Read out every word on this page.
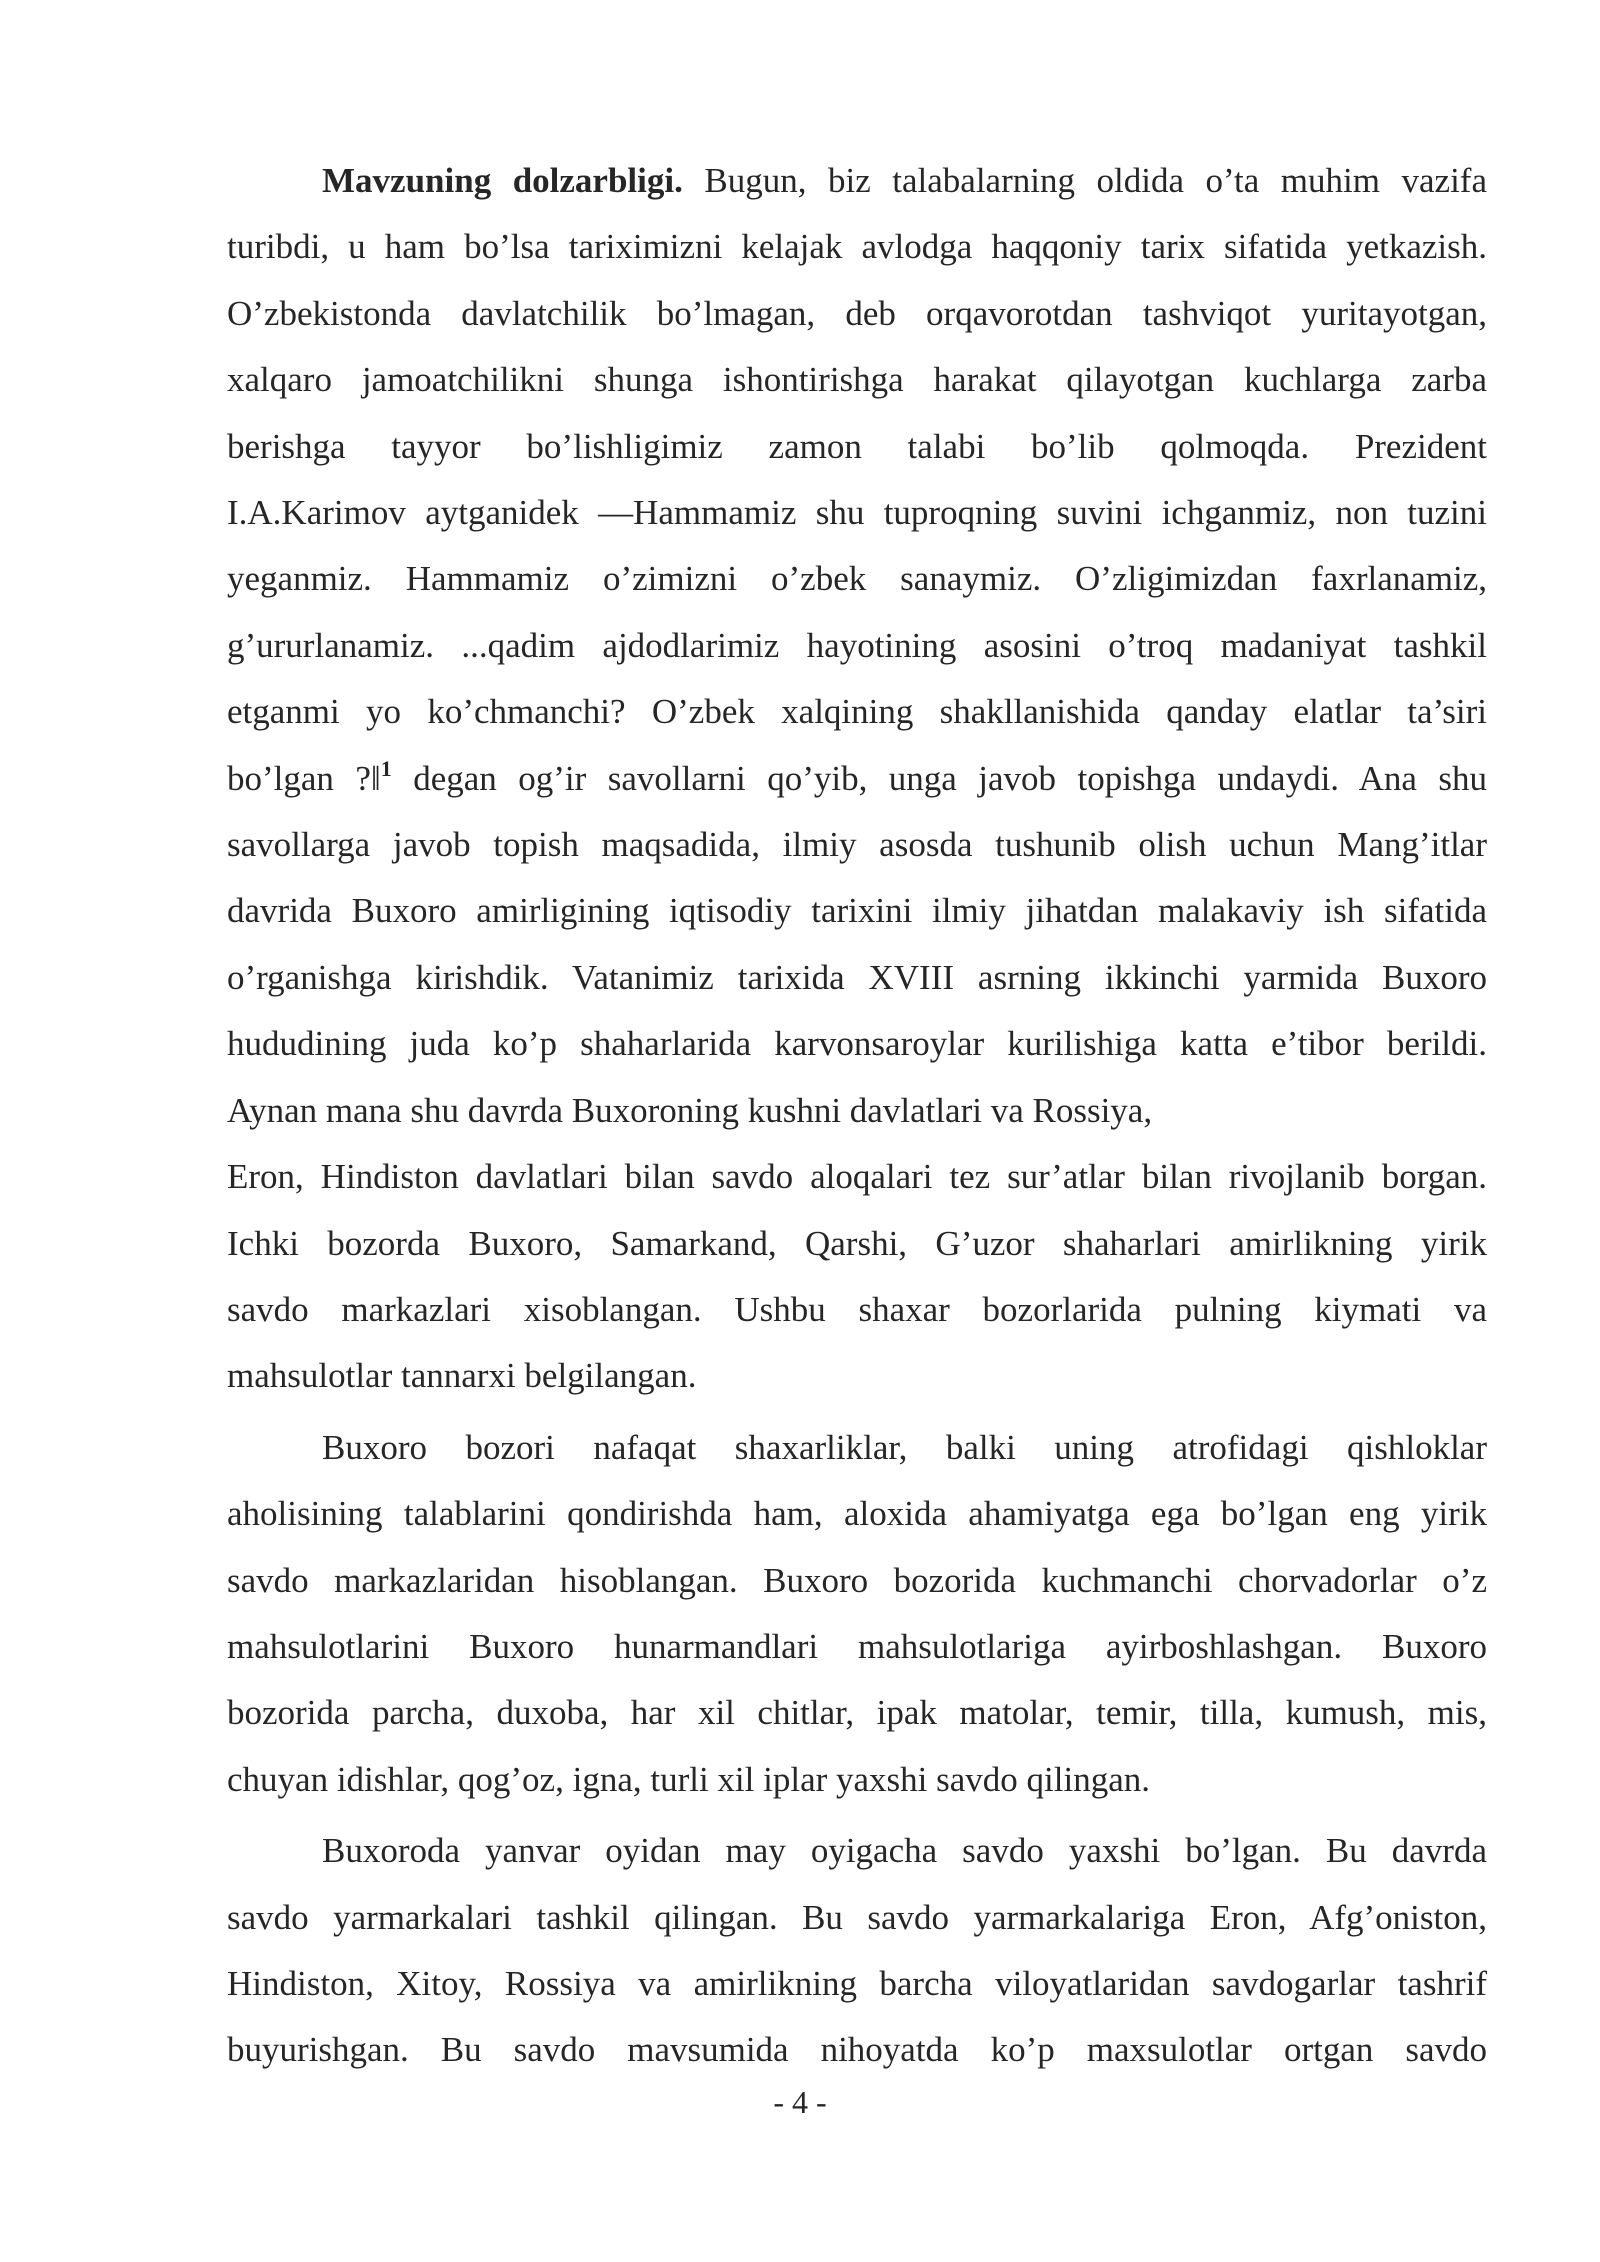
Mavzuning dolzarbligi. Bugun, biz talabalarning oldida o’ta muhim vazifa
turibdi, u ham bo’lsa tariximizni kelajak avlodga haqqoniy tarix sifatida yetkazish.
O’zbekistonda davlatchilik bo’lmagan, deb orqavorotdan tashviqot yuritayotgan,
xalqaro jamoatchilikni shunga ishontirishga harakat qilayotgan kuchlarga zarba
berishga tayyor bo’lishligimiz zamon talabi bo’lib qolmoqda. Prezident
I.A.Karimov aytganidek ―Hammamiz shu tuproqning suvini ichganmiz, non tuzini
yeganmiz. Hammamiz o’zimizni o’zbek sanaymiz. O’zligimizdan faxrlanamiz,
g’ururlanamiz. ...qadim ajdodlarimiz hayotining asosini o’troq madaniyat tashkil
etganmi yo ko’chmanchi? O’zbek xalqining shakllanishida qanday elatlar ta’siri
bo’lgan ?‖$^1$ degan og’ir savollarni qo’yib, unga javob topishga undaydi. Ana shu
savollarga javob topish maqsadida, ilmiy asosda tushunib olish uchun Mang’itlar
davrida Buxoro amirligining iqtisodiy tarixini ilmiy jihatdan malakaviy ish sifatida
o’rganishga kirishdik. Vatanimiz tarixida XVIII asrning ikkinchi yarmida Buxoro
hududining juda ko’p shaharlarida karvonsaroylar kurilishiga katta e’tibor berildi.
Aynan mana shu davrda Buxoroning kushni davlatlari va Rossiya,
Eron, Hindiston davlatlari bilan savdo aloqalari tez sur’atlar bilan rivojlanib borgan.
Ichki bozorda Buxoro, Samarkand, Qarshi, G’uzor shaharlari amirlikning yirik
savdo markazlari xisoblangan. Ushbu shaxar bozorlarida pulning kiymati va
mahsulotlar tannarxi belgilangan.
Buxoro bozori nafaqat shaxarliklar, balki uning atrofidagi qishloklar
aholisining talablarini qondirishda ham, aloxida ahamiyatga ega bo’lgan eng yirik
savdo markazlaridan hisoblangan. Buxoro bozorida kuchmanchi chorvadorlar o’z
mahsulotlarini Buxoro hunarmandlari mahsulotlariga ayirboshlashgan. Buxoro
bozorida parcha, duxoba, har xil chitlar, ipak matolar, temir, tilla, kumush, mis,
chuyan idishlar, qog’oz, igna, turli xil iplar yaxshi savdo qilingan.
Buxoroda yanvar oyidan may oyigacha savdo yaxshi bo’lgan. Bu davrda
savdo yarmarkalari tashkil qilingan. Bu savdo yarmarkalariga Eron, Afg’oniston,
Hindiston, Xitoy, Rossiya va amirlikning barcha viloyatlaridan savdogarlar tashrif
buyurishgan. Bu savdo mavsumida nihoyatda ko’p maxsulotlar ortgan savdo
- 4 -
